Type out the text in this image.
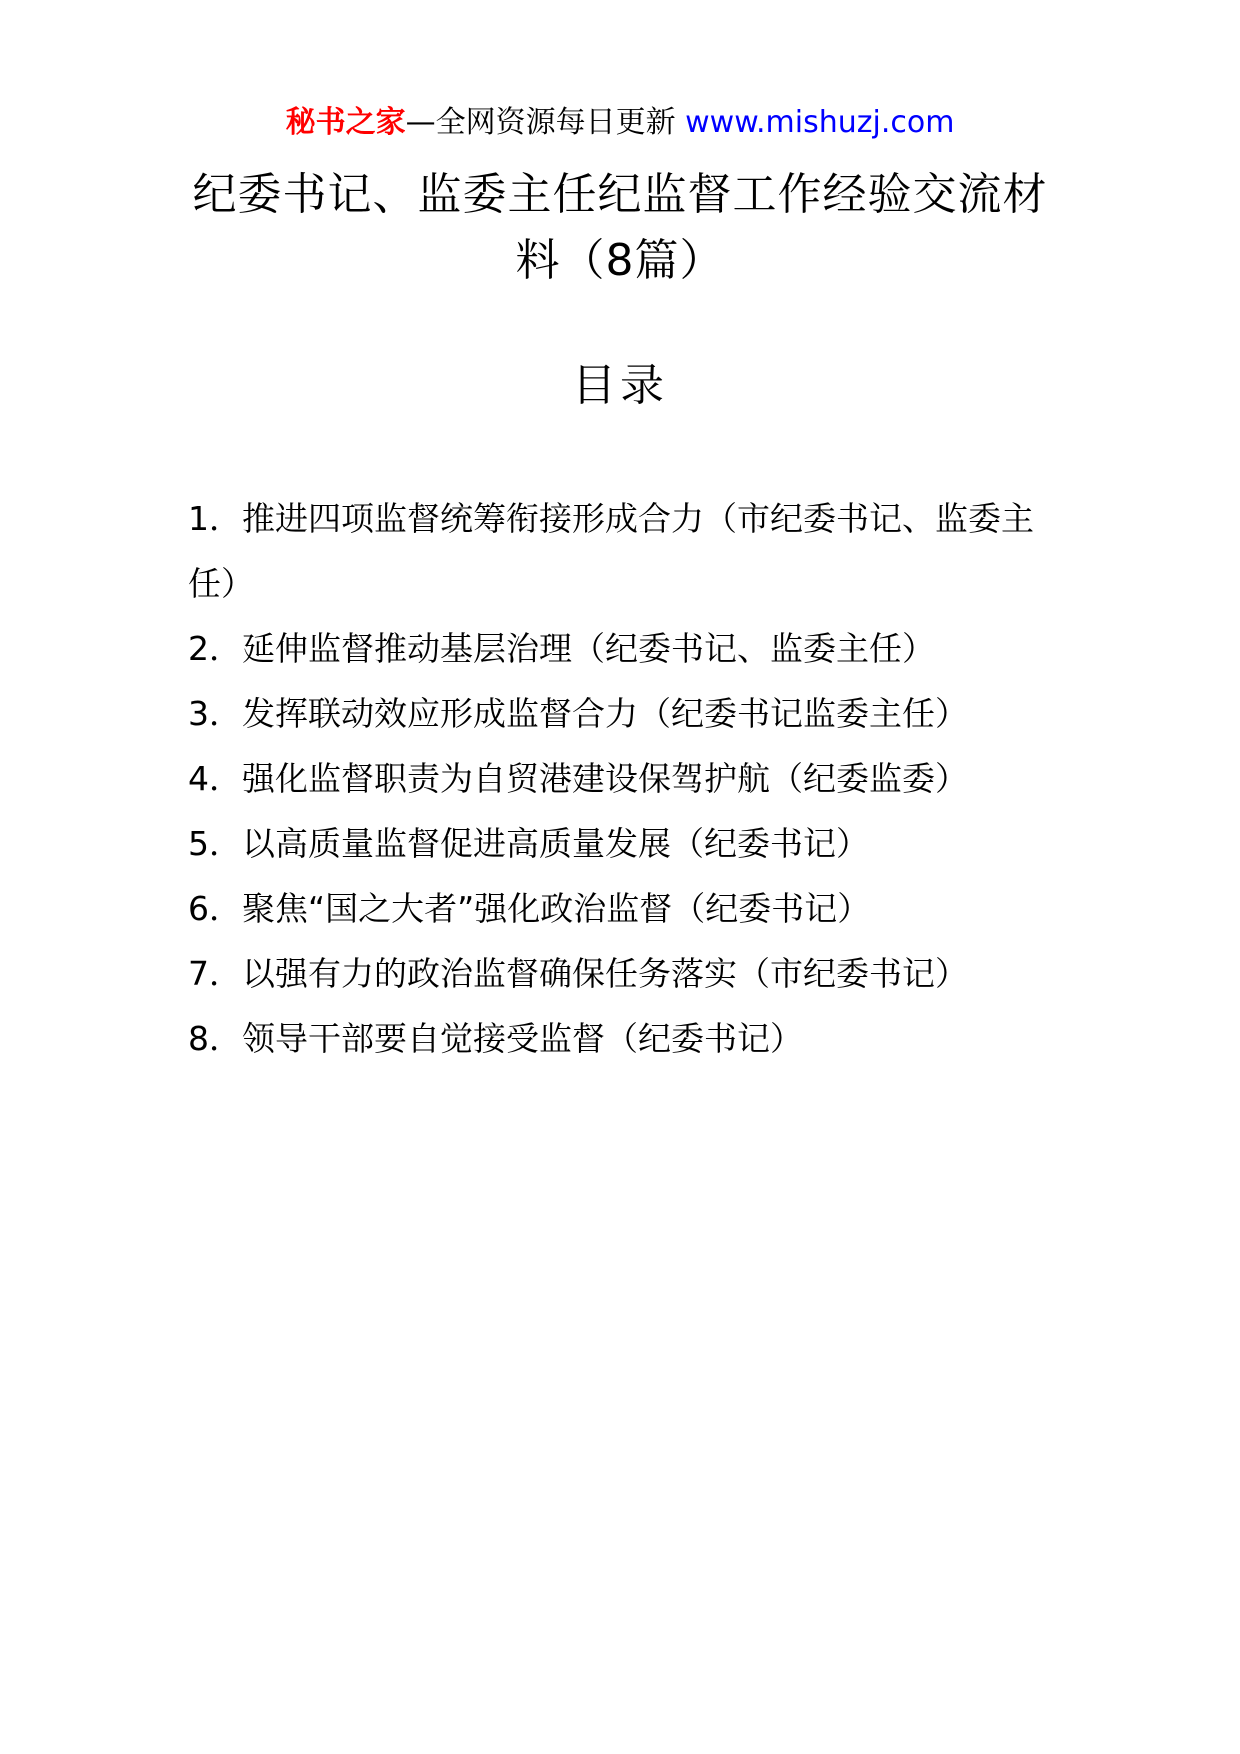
秘书之家—全网资源每日更新 www.mishuzj.com
纪委书记、监委主任纪监督工作经验交流材料（8篇）
目录
1．推进四项监督统筹衔接形成合力（市纪委书记、监委主任）
2．延伸监督推动基层治理（纪委书记、监委主任）
3．发挥联动效应形成监督合力（纪委书记监委主任）
4．强化监督职责为自贸港建设保驾护航（纪委监委）
5．以高质量监督促进高质量发展（纪委书记）
6．聚焦“国之大者”强化政治监督（纪委书记）
7．以强有力的政治监督确保任务落实（市纪委书记）
8．领导干部要自觉接受监督（纪委书记）
